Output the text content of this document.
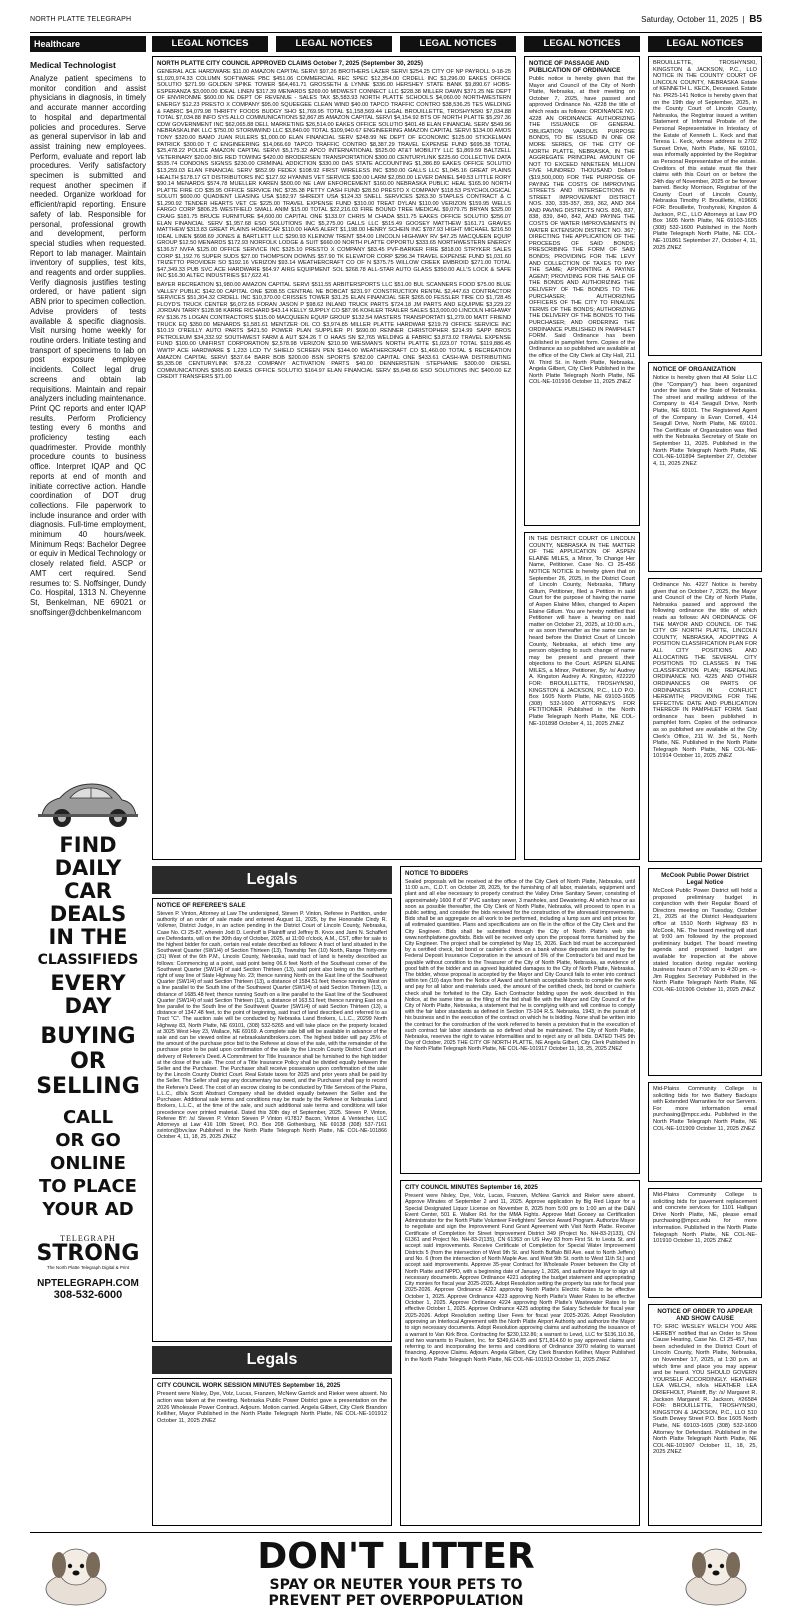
NORTH PLATTE TELEGRAPH	Saturday, October 11, 2025  |  B5
Healthcare	LEGAL NOTICES	LEGAL NOTICES	LEGAL NOTICES	LEGAL NOTICES	LEGAL NOTICES
Medical Technologist
Analyze patient specimens to monitor condition and assist physicians in diagnosis, in timely and accurate manner according to hospital and departmental policies and procedures. Serve as general supervisor in lab and assist training new employees. Perform, evaluate and report lab procedures. Verify satisfactory specimen is submitted and request another specimen if needed. Organize workload for efficient/rapid reporting. Ensure safety of lab. Responsible for personal, professional growth and development, perform special studies when requested. Report to lab manager. Maintain inventory of supplies, test kits, and reagents and order supplies. Verify diagnosis justifies testing ordered, or have patient sign ABN prior to specimen collection. Advise providers of tests available & specific diagnosis. Visit nursing home weekly for routine orders. Initiate testing and transport of specimens to lab on post exposure employee incidents. Collect legal drug screens and obtain lab requisitions. Maintain and repair analyzers including maintenance. Print QC reports and enter IQAP results. Perform Proficiency testing every 6 months and proficiency testing each quadrimester. Provide monthly procedure counts to business office. Interpret IQAP and QC reports at end of month and initiate corrective action. Handle coordination of DOT drug collections. File paperwork to include insurance and order with diagnosis. Full-time employment, minimum 40 hours/week. Minimum Reqs: Bachelor Degree or equiv in Medical Technology or closely related field. ASCP or AMT cert required. Send resumes to: S. Noffsinger, Dundy Co. Hospital, 1313 N. Cheyenne St, Benkelman, NE 69021 or snoffsinger@dchbenkelmancom
FIND
DAILY
CAR
DEALS
IN THE
CLASSIFIEDS
EVERY
DAY
BUYING
OR
SELLING
CALL
OR GO
ONLINE
TO PLACE
YOUR AD
TELEGRAPH
STRONG
The North Platte Telegraph Digital & Print
NPTELEGRAPH.COM
308-532-6000
NORTH PLATTE CITY COUNCIL APPROVED CLAIMS October 7, 2025 (September 30, 2025)

GENERAL ACE HARDWARE $11.00 AMAZON CAPITAL SERVI $97.26 BROTHERS LAZER SERVI $254.25 CITY OF NP PAYROLL 9-18-25 $1,020,974.33 COLUMN SOFTWARE PBC $451.06 COMMERCIAL REC SPEC $12,354.00 CRDELL INC $1,296.00 EAKES OFFICE SOLUTIO $271.99 GOLDEN SPIKE TOWER $64,461.71 GROSSETH & LYNNE $336.00 HERSHEY STATE BANK $9,890.67 HOBS-ESPERANZA $3,000.00 IDEAL LINEN $317.39 MENARDS $269.00 MIDWEST CONNECT LLC $228.38 MILLER DAWN $371.25 NE DEPT OF ENVIRONME $600.00 NE DEPT OF REVENUE - SALES TAX $5,583.93 NORTH PLATTE SCHOOLS $4,060.00 NORTHWESTERN ENERGY $12.23 PRESTO X COMPANY $95.00 SQUEEGEE CLEAN WIND $40.00 TAPCO TRAFFIC CONTRO $38,536.25 TES WELDING & FABRIC $4,079.98 THRIFTY FOODS BUDGY SHO $1,769.95 TOTAL $1,158,569.44 LEGAL BROUILLETTE, TROSHYNSKI $7,034.88 TOTAL $7,034.88 INFO SYS ALLO COMMUNICATIONS $2,867.85 AMAZON CAPITAL SERVI $4,154.92 BTS OF NORTH PLATTE $5,297.36 CDW GOVERNMENT INC $62,065.88 DELL MARKETING $26,514.00 EAKES OFFICE SOLUTIO $401.48 ELAN FINANCIAL SERV $549.96 NEBRASKALINK LLC $750.00 STORMWIND LLC $3,840.00 TOTAL $109,940.67 ENGINEERING AMAZON CAPITAL SERVI $134.00 AMOS TONY $320.00 BAMO JUAN RULERS $1,000.00 ELAN FINANCIAL SERV $248.99 NE DEPT OF ECONOMIC $125.00 STICKELMAN PATRICK $300.00 T C ENGINEERING $14,066.69 TAPCO TRAFFIC CONTRO $8,387.29 TRAVEL EXPENSE FUND $695.38 TOTAL $25,478.22 POLICE AMAZON CAPITAL SERVI $5,175.32 APCO INTERNATIONAL $525.00 AT&T MOBILITY LLC $1,869.59 BALTZELL VETERINARY $20.00 BIG RED TOWING $420.00 BRODERSEN TRANSPORTATION $300.00 CENTURYLINK $225.60 COLLECTIVE DATA $535.74 CONDONS SIGNSS $230.00 CRIMINAL ADDICTION $330.00 DAS STATE ACCOUNTING $1,386.89 EAKES OFFICE SOLUTIO $13,259.03 ELAN FINANCIAL SERV $652.99 FEDEX $108.92 FIRST WIRELESS INC $350.00 GALLS LLC $1,045.16 GREAT PLAINS HEALTH $178.17 GT DISTRIBUTORS INC $127.92 HYANNIS VET SERVICE $30.00 LARM $2,050.00 LEVER DANIEL $49.53 LITTLE RORY $90.14 MENARDS $574.78 MUELLER KAREN $500.00 NE LAW ENFORCEMENT $160.00 NEBRASKA PUBLIC HEAL $165.90 NORTH PLATTE FIRE CO $35.95 OFFICE SERVICE INC $735.38 PETTY CASH FUND $28.50 PRESTO X COMPANY $118.53 PSYCHOLOGICAL SOLUTI $600.00 QUADIENT LEASING USA $182.97 SHREDIT USA $124.33 SNELL SERVICES $263.30 STAPLES CONTRACT & C $1,290.92 TENDER HEARTS VET CE $225.00 TRAVEL EXPENSE FUND $310.00 TREAT DYLAN $110.00 VERIZON $159.95 WELLS FARGO CORP $806.25 WESTFIELD SMALL ANIM $15.00 TOTAL $22,216.03 FIRE BOUND TREE MEDICAL $9,079.75 BRYAN $325.00 CRAIG $181.75 BRUCE FURNITURE $4,600.00 CAPITAL ONE $133.07 CHRIS M CHADA $511.75 EAKES OFFICE SOLUTIO $256.07 ELAN FINANCIAL SERV $1,957.68 ESO SOLUTIONS INC $5,275.00 GALLS LLC $515.49 GOOSEY MATTHEW $161.71 GRAVES MATTHEW $313.83 GREAT PLAINS HOMECAR $110.00 HAAS ALERT $1,198.00 HENRY SCHEIN INC $787.93 HIGHT MICHAEL $216.50 IDEAL LINEN $698.69 JONES & BARTLETT LLC $290.93 KLEINOW TRENT $54.00 LINCOLN HIGHWAY RV $47.25 MACQUEEN EQUIP GROUP $12.50 MENARDS $172.93 NORFOLK LODGE & SUIT $660.00 NORTH PLATTE OPPORTU $333.65 NORTHWESTERN ENERGY $136.57 NVFA $125.00 OFFICE SERVICE INC $325.10 PRESTO X COMPANY $83.45 PVF-BARKER FIRE $818.00 STRYKER SALES CORP $1,192.76 SUPER SUDS $27.00 THOMPSON DOWNS $57.90 TK ELEVATOR CORP $296.34 TRAVEL EXPENSE FUND $1,031.60 TRIZETTO PROVIDER SO $192.16 VERIZON $93.14 WEATHERCRAFT CO OF N $375.75 WILLOW CREEK EMBROID $271.00 TOTAL $47,349.33 PUB SVC ACE HARDWARE $64.97 AIRG EQUIPMENT SOL $268.78 ALL-STAR AUTO GLASS $350.00 ALL'S LOCK & SAFE INC $16.30 ALTEC INDUSTRIES $17,622.41

BAYER RECREATION $1,980.00 AMAZON CAPITAL SERVI $511.55 ARBITERSPORTS LLC $51.00 BUL SCANNERS FOOD $75.00 BLUE VALLEY PUBLIC $142.00 CAPITAL ONE $208.55 CENTRAL NE BOBCAT $231.97 CONSTRUCTION RENTAL $2,447.63 CONTRACTOR SERVICES $51,304.32 CRDELL INC $10,370.00 CRISSES TOWER $31.25 ELAN FINANCIAL SER $265.00 FESSLER TIRE CO $1,728.45 FLOYD'S TRUCK CENTER $6,072.65 FORAN JASON P $98.62 INLAND TRUCK PARTS $724.18 JM PARTS AND EQUIPME $3,229.22 JORDAN TARRY $128.98 KARRE RICHARD $43.14 KELLY SUPPLY CO $87.96 KOHLER TRAILER SALES $13,000.00 LINCOLN HIGHWAY RV $136.75 LOGAN CONTRACTORS $115.00 MACQUEEN EQUIP GROUP $132.54 MASTERS TRANSPORTATI $1,279.00 MATT FRIEND TRUCK EQ $350.00 MENARDS $1,581.61 MENTZER OIL CO $3,974.85 MILLER PLATTE HARDWAR $219.79 OFFICE SERVICE INC $10.19 O'REILLY AUTO PARTS $421.50 POWER PLAN SUPPLIER PI $690.00 RENNER CHRISTOPHER $214.99 SAPP BROS PETROLEUM $34,332.92 SOUTHWEST FARM & AUT $24.26 T O HAAS SN $2,765 WELDING & FABRIC $3,873.02 TRAVEL EXPENSE FUND $100.00 UNIFIRST CORPORATION $2,578.98 VERIZON $210.90 WIESMAN'S NORTH PLATTE $1,023.07 TOTAL $119,886.45 WWTP ACE HARDWARE $ 1,233 LCD TV SHIELD SCREEN PEN $144.00 WEATHERCRAFT CO $1,460.00 TOTAL $ RECREATION AMAZON CAPITAL SERVI $537.64 BARR BOB $200.00 BSN SPORTS $782.00 CAPITAL ONE $433.61 CASH-WA DISTRIBUTING $5,335.08 CENTURYLINK $78.22 COMPANY ACTIVATION PARTS $40.00 DENNERSTEIN STEPHANIE $300.00 DIESEL COMMUNICATIONS $365.00 EAKES OFFICE SOLUTIO $164.97 ELAN FINANCIAL SERV $5,648.66 ESO SOLUTIONS INC $400.00 EZ CREDIT TRANSFERS $71.00

NOTICE OF PASSAGE AND PUBLICATION OF ORDINANCE
Public notice is hereby given that the Mayor and Council of the City of North Platte, Nebraska, at their meeting on October 7, 2025, have passed and approved Ordinance No. 4228 the title of which reads as follows: ORDINANCE NO. 4228 AN ORDINANCE AUTHORIZING THE ISSUANCE OF GENERAL OBLIGATION VARIOUS PURPOSE BONDS, TO BE ISSUED IN ONE OR MORE SERIES, OF THE CITY OF NORTH PLATTE, NEBRASKA, IN THE AGGREGATE PRINCIPAL AMOUNT OF NOT TO EXCEED NINETEEN MILLION FIVE HUNDRED THOUSAND Dollars ($19,500,000) FOR THE PURPOSE OF PAYING THE COSTS OF IMPROVING STREETS AND INTERSECTIONS IN STREET IMPROVEMENT DISTRICT NOS. 330, 335-357, 359, 362, AND 364 AND PAVING DISTRICTS NOS. 836, 837, 838, 839, 840, 842, AND PAYING THE COSTS OF WATER IMPROVEMENTS IN WATER EXTENSION DISTRICT NO. 367; DIRECTING THE APPLICATION OF THE PROCEEDS OF SAID BONDS; PRESCRIBING THE FORM OF SAID BONDS; PROVIDING FOR THE LEVY AND COLLECTION OF TAXES TO PAY THE SAME; APPOINTING A PAYING AGENT; PROVIDING FOR THE SALE OF THE BONDS AND AUTHORIZING THE DELIVERY OF THE BONDS TO THE PURCHASER; AUTHORIZING OFFICERS OF THE CITY TO FINALIZE TERMS OF THE BONDS; AUTHORIZING THE DELIVERY OF THE BONDS TO THE PURCHASER; AND ORDERING THE ORDINANCE PUBLISHED IN PAMPHLET FORM. Said Ordinance has been published in pamphlet form. Copies of the Ordinance as so published are available at the office of the City Clerk at City Hall, 211 W. Third St. in North Platte, Nebraska. Angela Gilbert, City Clerk Published in the North Platte Telegraph North Platte, NE COL-NE-101916 October 11, 2025 ZNEZ
IN THE DISTRICT COURT OF LINCOLN COUNTY, NEBRASKA IN THE MATTER OF THE APPLICATION OF ASPEN ELAINE MILES, a Minor, To Change Her Name, Petitioner. Case No. CI 25-456 NOTICE NOTICE is hereby given that on September 26, 2025, in the District Court of Lincoln County, Nebraska, Tiffany Gillum, Petitioner, filed a Petition in said Court for the purpose of having the name of Aspen Elaine Miles, changed to Aspen Elaine Gillum. You are hereby notified that Petitioner will have a hearing on said matter on October 21, 2025, at 10:00 a.m., or as soon thereafter as the same can be heard before the District Court of Lincoln County, Nebraska, at which time any person objecting to such change of name may be present and present their objections to the Court. ASPEN ELAINE MILES, a Minor, Petitioner, By: /s/ Audrey A. Kingston Audrey A. Kingston, #22220 FOR: BROUILLETTE, TROSHYNSKI, KINGSTON & JACKSON, P.C., LLO P.O. Box 1605 North Platte, NE 69103-1605 (308) 532-1600 ATTORNEYS FOR PETITIONER Published in the North Platte Telegraph North Platte, NE COL-NE-101898 October 4, 11, 2025 ZNEZ
BROUILLETTE, TROSHYNSKI, KINGSTON & JACKSON, P.C., LLO NOTICE IN THE COUNTY COURT OF LINCOLN COUNTY, NEBRASKA Estate of KENNETH L. KECK, Deceased. Estate No. PR25-141 Notice is hereby given that on the 19th day of September, 2025, in the County Court of Lincoln County, Nebraska, the Registrar issued a written Statement of Informal Probate of the Personal Representative in Intestacy of the Estate of Kenneth L. Keck and that Teresa L. Keck, whose address is 2702 Sunset Drive, North Platte, NE 69101, was informally appointed by the Registrar as Personal Representative of the estate. Creditors of this estate must file their claims with this Court on or before the 24th day of November, 2025 or be forever barred. Becky Morrison, Registrar of the County Court of Lincoln County, Nebraska Timothy P. Brouillette, #19606 FOR: Brouillette, Troshynski, Kingston & Jackson, P.C., LLO Attorneys at Law PO Box 1605 North Platte, NE 69103-1605 (308) 532-1600 Published in the North Platte Telegraph North Platte, NE COL-NE-101861 September 27, October 4, 11, 2025 ZNEZ
NOTICE OF ORGANIZATION
Notice is hereby given that All Solar LLC (the "Company") has been organized under the laws of the State of Nebraska. The street and mailing address of the Company is 414 Seagull Drive, North Platte, NE 69101. The Registered Agent of the Company is Evan Cornell, 414 Seagull Drive, North Platte, NE 69101. The Certificate of Organization was filed with the Nebraska Secretary of State on September 11, 2025. Published in the North Platte Telegraph North Platte, NE COL-NE-101894 September 27, October 4, 11, 2025 ZNEZ
Ordinance No. 4227 Notice is hereby given that on October 7, 2025, the Mayor and Council of the City of North Platte, Nebraska passed and approved the following ordinance the title of which reads as follows: AN ORDINANCE OF THE MAYOR AND COUNCIL OF THE CITY OF NORTH PLATTE, LINCOLN COUNTY, NEBRASKA, ADOPTING A POSITION CLASSIFICATION PLAN FOR ALL CITY POSITIONS AND ALLOCATING THE SEVERAL CITY POSITIONS TO CLASSES IN THE CLASSIFICATION PLAN; REPEALING ORDINANCE NO. 4225 AND OTHER ORDINANCES OR PARTS OF ORDINANCES IN CONFLICT HEREWITH; PROVIDING FOR THE EFFECTIVE DATE AND PUBLICATION THEREOF IN PAMPHLET FORM. Said ordinance has been published in pamphlet form. Copies of the ordinance as so published are available at the City Clerk's Office, 211 W. 3rd St., North Platte, NE. Published in the North Platte Telegraph North Platte, NE COL-NE-101914 October 11, 2025 ZNEZ
McCook Public Power District Legal Notice
McCook Public Power District will hold a proposed preliminary budget in conjunction with their Regular Board of Directors meeting on Tuesday, October 21, 2025 at the District Headquarters office at 1510 North Highway 83 in McCook, NE. The board meeting will start at 9:00 am followed by the proposed preliminary budget. The board meeting agenda and proposed budget are available for inspection at the above stated location during regular working business hours of 7:00 am to 4:30 pm. -s-Jim Ruggles Secretary Published in the North Platte Telegraph North Platte, NE COL-NE-101906 October 11, 2025 ZNEZ
Mid-Plains Community College is soliciting bids for two Battery Backups with Extended Warranties for our Servers. For more information email purchasing@mpcc.edu. Published in the North Platte Telegraph North Platte, NE COL-NE-101909 October 11, 2025 ZNEZ
Mid-Plains Community College is soliciting bids for pavement replacement and concrete services for 1101 Halligan Drive North Platte, NE, please email purchasing@mpcc.edu for more information. Published in the North Platte Telegraph North Platte, NE COL-NE-101910 October 11, 2025 ZNEZ
NOTICE OF ORDER TO APPEAR AND SHOW CAUSE
TO: ERIC WESLEY WELCH YOU ARE HEREBY notified that an Order to Show Cause Hearing, Case No. CI 25-457, has been scheduled in the District Court of Lincoln County, North Platte, Nebraska, on November 17, 2025, at 1:30 p.m. at which time and place you may appear and be heard. YOU SHOULD GOVERN YOURSELF ACCORDINGLY. HEATHER LEA WELCH, n/k/a HEATHER LEA DRIEFHOLT, Plaintiff, By: /s/ Margaret R. Jackson Margaret R. Jackson, #26584 FOR: BROUILLETTE, TROSHYNSKI, KINGSTON & JACKSON, P.C., LLO 510 South Dewey Street P.O. Box 1605 North Platte, NE 69103-1605 (308) 532-1600 Attorney for Defendant. Published in the North Platte Telegraph North Platte, NE COL-NE-101907 October 11, 18, 25, 2025 ZNEZ
Legals
Legals
NOTICE OF REFEREE'S SALE
Steven P. Vinton, Attorney at Law The undersigned, Steven P. Vinton, Referee in Partition, under authority of an order of sale made and entered August 11, 2025, by the Honorable Cindy R. Volkmer, District Judge, in an action pending in the District Court of Lincoln County, Nebraska, Case No. CI 25-87, wherein Jodi D. Lenhoff is Plaintiff and Jeffrey B. Knox and Jami N. Schaffert are Defendants, will on the 30th day of October, 2025, at 11:00 o'clock, A.M., CST, offer for sale to the highest bidder for cash, certain real estate described as follows: A tract of land situated in the Southwest Quarter (SW1/4) of Section Thirteen (13), Township Ten (10) North, Range Thirty-one (31) West of the 6th P.M., Lincoln County, Nebraska, said tract of land is hereby described as follows: Commencing at a point, said point being 06.6 feet North of the Southeast corner of the Southwest Quarter (SW1/4) of said Section Thirteen (13), said point also being on the northerly right of way line of State Highway No. 23; thence running North on the East line of the Southwest Quarter (SW1/4) of said Section Thirteen (13), a distance of 1584.51 feet; thence running West on a line parallel to the South line of the Southwest Quarter (SW1/4) of said Section Thirteen (13), a distance of 1685.48 feet; thence running South on a line parallel to the East line of the Southwest Quarter (SW1/4) of said Section Thirteen (13), a distance of 163.51 feet; thence running East on a line parallel to the South line of the Southwest Quarter (SW1/4) of said Section Thirteen (13), a distance of 1347.48 feet, to the point of beginning, said tract of land described and referred to as Tract "C". The auction sale will be conducted by Nebraska Land Brokers, L.L.C., 20299 North Highway 83, North Platte, NE 69101, (308) 532-5265 and will take place on the property located at 3025 West Hwy 23, Wallace, NE 69169. A complete sale bill will be available in advance of the sale and can be viewed online at nebraskalandbrokers.com. The highest bidder will pay 25% of the amount of the purchase price bid to the Referee at close of the sale, with the remainder of the purchase price to be paid upon confirmation of the sale by the Lincoln County District Court and delivery of Referee's Deed. A Commitment for Title Insurance shall be furnished to the high bidder at the close of the sale. The cost of a Title Insurance Policy shall be divided equally between the Seller and the Purchaser. The Purchaser shall receive possession upon confirmation of the sale by the Lincoln County District Court. Real Estate taxes for 2025 and prior years shall be paid by the Seller. The Seller shall pay any documentary tax owed, and the Purchaser shall pay to record the Referee's Deed. The cost of an escrow closing to be conducted by Title Services of the Plains, L.L.C., d/b/a Scott Abstract Company shall be divided equally between the Seller and the Purchaser. Additional sale terms and conditions may be made by the Referee or Nebraska Land Brokers, L.L.C., at the time of the sale, and such additional sale terms and conditions will take precedence over printed material. Dated this 30th day of September, 2025. Steven P. Vinton, Referee BY: /s/ Steven P. Vinton Steven P Vinton #17817 Bacon, Vinton & Venteicher, LLC Attorneys at Law 416 10th Street, P.O. Box 208 Gothenburg, NE 69138 (308) 537-7161 svinton@bvv.law Published in the North Platte Telegraph North Platte, NE COL-NE-101866 October 4, 11, 18, 25, 2025 ZNEZ
CITY COUNCIL WORK SESSION MINUTES September 16, 2025
Present were Nisley, Dye, Volz, Lucas, Franzen, McNew Garrick and Rieker were absent. No action was taken at the meeting. Nebraska Public Power District gave a presentation on the 2026 Wholesale Power Contract. Adjourn. Motion carried. Angela Gilbert, City Clerk Brandon Kelliher, Mayor Published in the North Platte Telegraph North Platte, NE COL-NE-101912 October 11, 2025 ZNEZ
NOTICE TO BIDDERS
Sealed proposals will be received at the office of the City Clerk of North Platte, Nebraska, until 11:00 a.m., C.D.T. on October 28, 2025, for the furnishing of all labor, materials, equipment and plant and all else necessary to properly construct the Valley Drive Sanitary Sewer, consisting of approximately 1600 lf of 8" PVC sanitary sewer, 3 manholes, and Dewatering. At which hour or as soon as possible thereafter, the City Clerk of North Platte, Nebraska, will proceed to open in a public setting, and consider the bids received for the construction of the aforesaid improvements. Bids shall be an aggregate on all work to be performed, including a lump sum and unit prices for all estimated quantities. Plans and specifications are on file in the office of the City Clerk and the City Engineer. Bids shall be submitted through the City of North Platte's web site www.northplattene.gov/bids. Bids will be received only upon the proposal forms furnished by the City Engineer. The project shall be completed by May 15, 2026. Each bid must be accompanied by a certified check, bid bond or cashier's check on a bank whose deposits are insured by the Federal Deposit Insurance Corporation in the amount of 5% of the Contractor's bid and must be payable without condition to the Treasurer of the City of North Platte, Nebraska, as evidence of good faith of the bidder and as agreed liquidated damages to the City of North Platte, Nebraska. The bidder, whose proposal is accepted by the Mayor and City Council fails to enter into contract within ten (10) days from the Notice of Award and furnish acceptable bonds to complete the work and pay for all labor and materials used, the amount of the certified check, bid bond or cashier's check shall be forfeited to the City. Each Contractor bidding upon the work described in this Notice, at the same time as the filing of the bid shall file with the Mayor and City Council of the City of North Platte, Nebraska, a statement that he is complying with and will continue to comply with the fair labor standards as defined in Section 73-104 R.S. Nebraska, 1943, in the pursuit of his business and in the execution of the contract on which he is bidding. None shall be written into the contract for the construction of the work referred to herein a provision that in the execution of such contract fair labor standards as so defined shall be maintained. The City of North Platte, Nebraska, reserves the right to waive informalities and to reject any or all bids. DATED THIS 9th Day of October, 2025 THE CITY OF NORTH PLATTE, NE Angela Gilbert, City Clerk Published in the North Platte Telegraph North Platte, NE COL-NE-101917 October 11, 18, 25, 2025 ZNEZ
CITY COUNCIL MINUTES September 16, 2025
Present were Nisley, Dye, Volz, Lucas, Franzen, McNew Garrick and Rieker were absent. Approve Minutes of September 2 and 11, 2025. Approve application by Big Red Liquor for a Special Designated Liquor License on November 8, 2025 from 5:00 pm to 1:00 am at the D&N Event Center, 501 E. Walker Rd. for the MMA Fights. Approve Matt Goosey as Certification Administrator for the North Platte Volunteer Firefighters' Service Award Program. Authorize Mayor to negotiate and sign the Improvement Fund Grant Agreement with Visit North Platte. Receive Certificate of Completion for Street Improvement District 349 (Project No. NH-83-2(133), CN 61361 and Project No. NH-83-2(135), CN 61363 on US Hwy 83 from First St. to Leota St. and accept said improvements. Receive Certificate of Completion for Special Water Improvement Districts 5 (from the intersection of West 9th St. and North Buffalo Bill Ave. east to North Jeffers) and No. 6 (from the intersection of North Maple Ave. and West 9th St. north to West 11th St.) and accept said improvements. Approve 35-year Contract for Wholesale Power between the City of North Platte and NPPD, with a beginning date of January 1, 2026, and authorize Mayor to sign all necessary documents. Approve Ordinance 4221 adopting the budget statement and appropriating City monies for fiscal year 2025-2026. Adopt Resolution setting the property tax rate for fiscal year 2025-2026. Approve Ordinance 4222 approving North Platte's Electric Rates to be effective October 1, 2025. Approve Ordinance 4223 approving North Platte's Water Rates to be effective October 1, 2025. Approve Ordinance 4224 approving North Platte's Wastewater Rates to be effective October 1, 2025. Approve Ordinance 4225 adopting the Salary Schedule for fiscal year 2025-2026. Adopt Resolution setting User Fees for fiscal year 2025-2026. Adopt Resolution approving an Interlocal Agreement with the North Platte Airport Authority and authorize the Mayor to sign necessary documents. Adopt Resolution approving claims and authorizing the issuance of a warrant to Van Kirk Bros. Contracting for $230,132.86; a warrant to Lewd, LLC for $136,110.36, and two warrants to Paulsen, Inc. for $349,614.85 and $71,814.60 to pay approved claims and referring to and incorporating the terms and conditions of Ordinance 3970 relating to warrant financing. Approve Claims. Adjourn. Angela Gilbert, City Clerk Brandon Kelliher, Mayor Published in the North Platte Telegraph North Platte, NE COL-NE-101913 October 11, 2025 ZNEZ
DON'T LITTER
SPAY OR NEUTER YOUR PETS TO
PREVENT PET OVERPOPULATION
